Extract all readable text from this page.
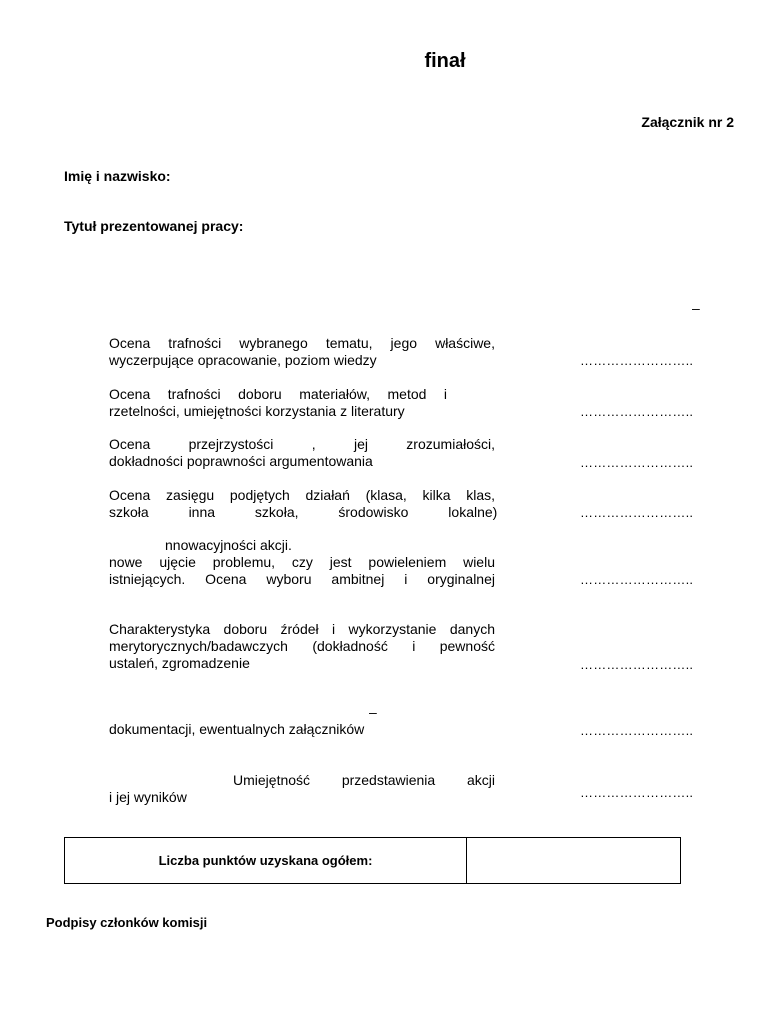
finał
Załącznik nr 2
Imię i nazwisko:
Tytuł prezentowanej pracy:
–
Ocena trafności wybranego tematu, jego właściwe,
wyczerpujące opracowanie, poziom wiedzy	……………………..
Ocena trafności doboru materiałów, metod i
rzetelności, umiejętności korzystania z literatury	……………………..
Ocena przejrzystości , jej zrozumiałości,
dokładności poprawności argumentowania	……………………..
Ocena zasięgu podjętych działań (klasa, kilka klas,
szkoła inna szkoła, środowisko lokalne)	……………………..
nnowacyjności akcji.
nowe ujęcie problemu, czy jest powieleniem wielu
istniejących. Ocena wyboru ambitnej i oryginalnej	……………………..
Charakterystyka doboru źródeł i wykorzystanie danych
merytorycznych/badawczych (dokładność i pewność
ustaleń, zgromadzenie	……………………..
–
dokumentacji, ewentualnych załączników	……………………..
Umiejętność przedstawienia akcji
i jej wyników	……………………..
Liczba punktów uzyskana ogółem:
Podpisy członków komisji
